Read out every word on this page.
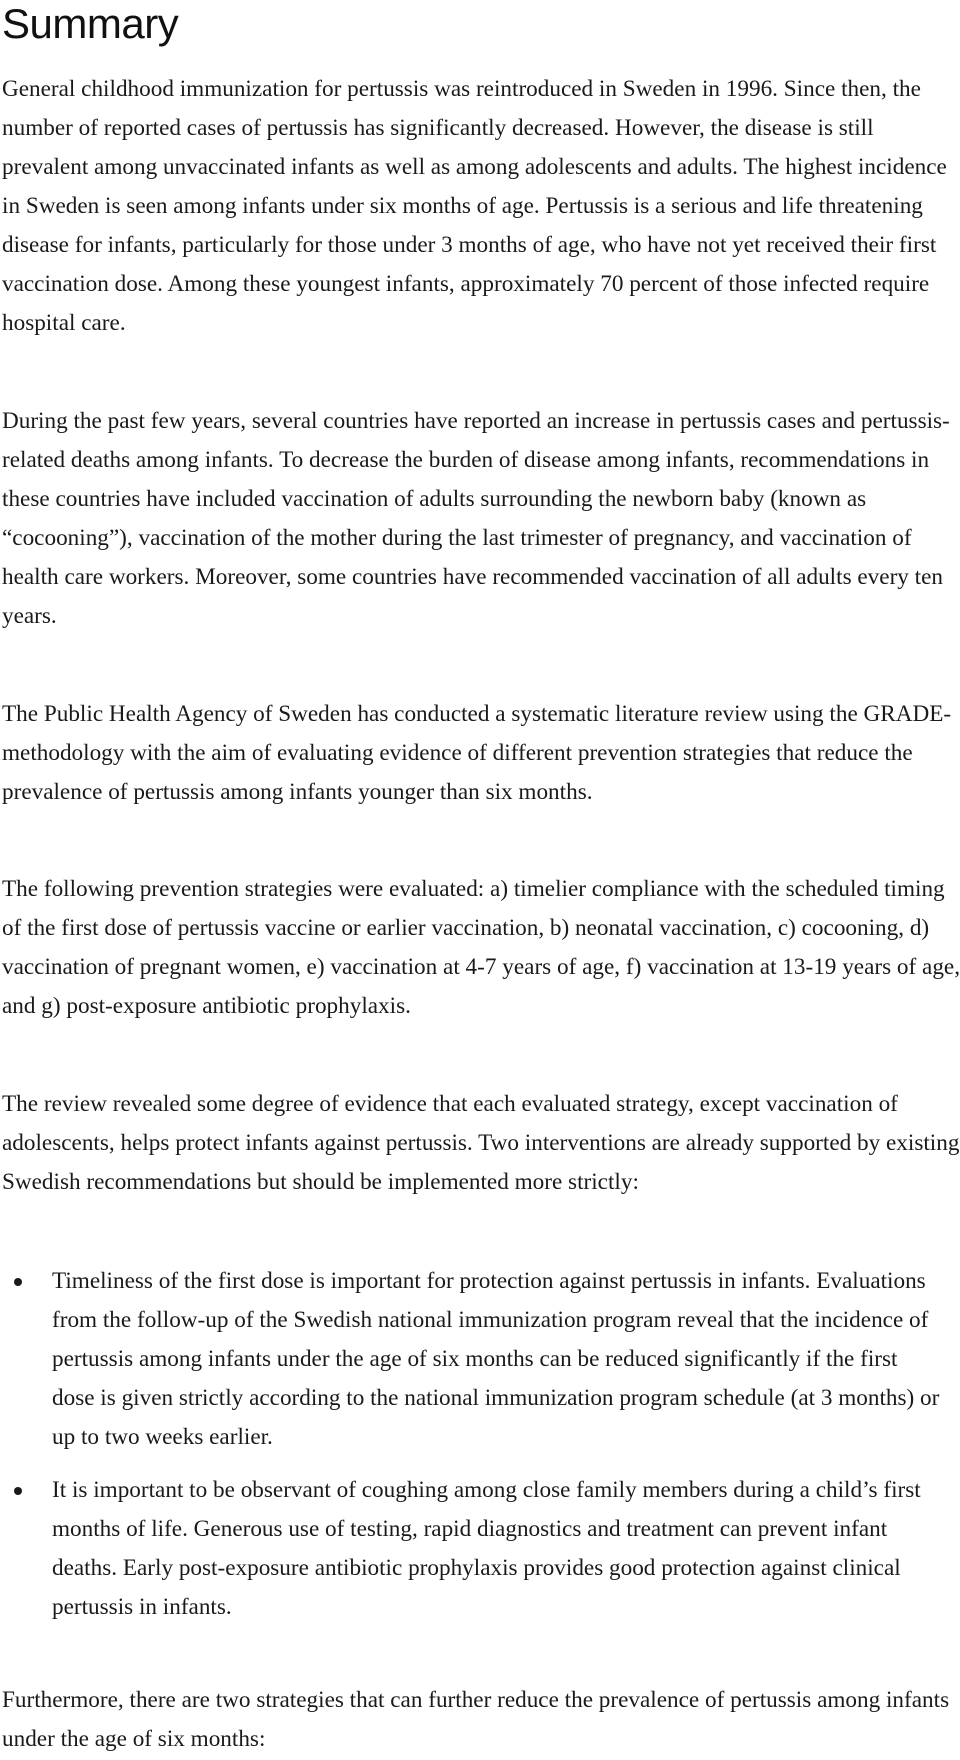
Summary

General childhood immunization for pertussis was reintroduced in Sweden in 1996. Since then, the number of reported cases of pertussis has significantly decreased. However, the disease is still prevalent among unvaccinated infants as well as among adolescents and adults. The highest incidence in Sweden is seen among infants under six months of age. Pertussis is a serious and life threatening disease for infants, particularly for those under 3 months of age, who have not yet received their first vaccination dose. Among these youngest infants, approximately 70 percent of those infected require hospital care.

During the past few years, several countries have reported an increase in pertussis cases and pertussis-related deaths among infants. To decrease the burden of disease among infants, recommendations in these countries have included vaccination of adults surrounding the newborn baby (known as “cocooning”), vaccination of the mother during the last trimester of pregnancy, and vaccination of health care workers. Moreover, some countries have recommended vaccination of all adults every ten years.

The Public Health Agency of Sweden has conducted a systematic literature review using the GRADE-methodology with the aim of evaluating evidence of different prevention strategies that reduce the prevalence of pertussis among infants younger than six months.

The following prevention strategies were evaluated: a) timelier compliance with the scheduled timing of the first dose of pertussis vaccine or earlier vaccination, b) neonatal vaccination, c) cocooning, d) vaccination of pregnant women, e) vaccination at 4-7 years of age, f) vaccination at 13-19 years of age, and g) post-exposure antibiotic prophylaxis.

The review revealed some degree of evidence that each evaluated strategy, except vaccination of adolescents, helps protect infants against pertussis. Two interventions are already supported by existing Swedish recommendations but should be implemented more strictly:

Timeliness of the first dose is important for protection against pertussis in infants. Evaluations from the follow-up of the Swedish national immunization program reveal that the incidence of pertussis among infants under the age of six months can be reduced significantly if the first dose is given strictly according to the national immunization program schedule (at 3 months) or up to two weeks earlier.
It is important to be observant of coughing among close family members during a child’s first months of life. Generous use of testing, rapid diagnostics and treatment can prevent infant deaths. Early post-exposure antibiotic prophylaxis provides good protection against clinical pertussis in infants.

Furthermore, there are two strategies that can further reduce the prevalence of pertussis among infants under the age of six months:
